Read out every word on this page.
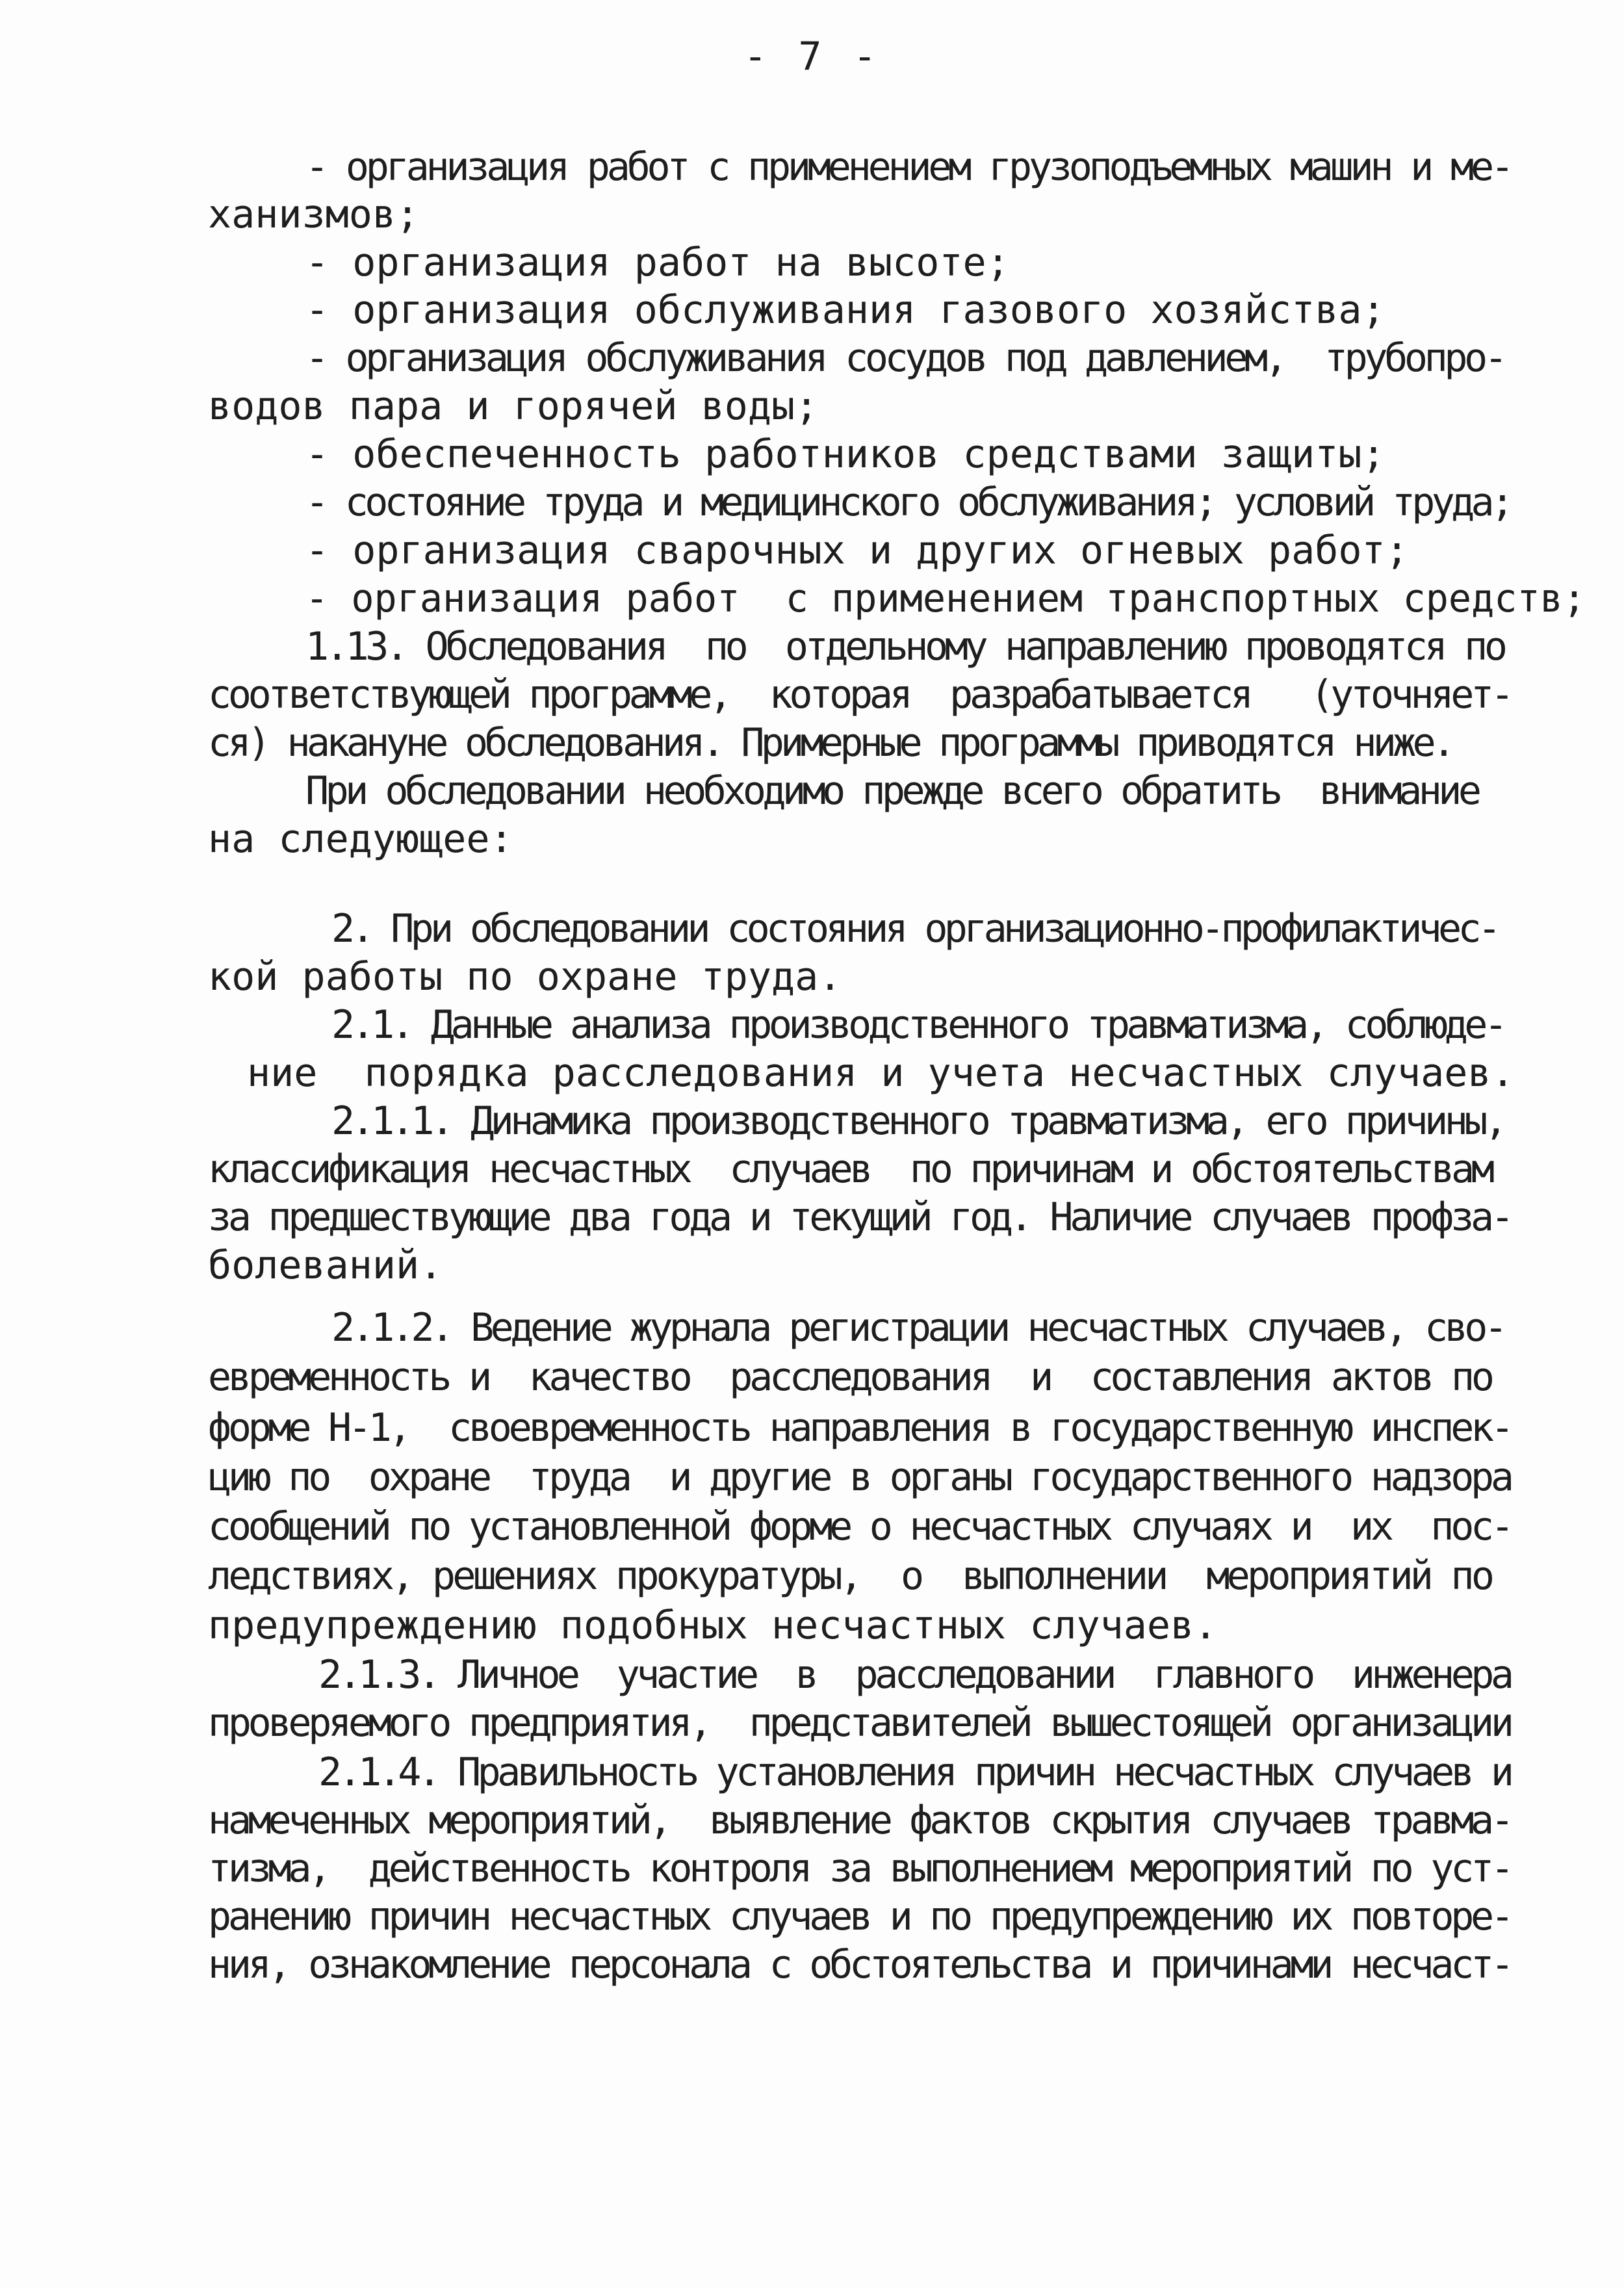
- 7 -
- организация работ с применением грузоподъемных машин и ме-
ханизмов;
- организация работ на высоте;
- организация обслуживания газового хозяйства;
- организация обслуживания сосудов под давлением,  трубопро-
водов пара и горячей воды;
- обеспеченность работников средствами защиты;
- состояние труда и медицинского обслуживания; условий труда;
- организация сварочных и других огневых работ;
- организация работ  с применением транспортных средств;
1.13. Обследования  по  отдельному направлению проводятся по
соответствующей программе,  которая  разрабатывается   (уточняет-
ся) накануне обследования. Примерные программы приводятся ниже.
При обследовании необходимо прежде всего обратить  внимание
на следующее:
2. При обследовании состояния организационно-профилактичес-
кой работы по охране труда.
2.1. Данные анализа производственного травматизма, соблюде-
ние  порядка расследования и учета несчастных случаев.
2.1.1. Динамика производственного травматизма, его причины,
классификация несчастных  случаев  по причинам и обстоятельствам
за предшествующие два года и текущий год. Наличие случаев профза-
болеваний.
2.1.2. Ведение журнала регистрации несчастных случаев, сво-
евременность и  качество  расследования  и  составления актов по
форме Н-1,  своевременность направления в государственную инспек-
цию по  охране  труда  и другие в органы государственного надзора
сообщений по установленной форме о несчастных случаях и  их  пос-
ледствиях, решениях прокуратуры,  о  выполнении  мероприятий по
предупреждению подобных несчастных случаев.
2.1.3. Личное  участие  в  расследовании  главного  инженера
проверяемого предприятия,  представителей вышестоящей организации
2.1.4. Правильность установления причин несчастных случаев и
намеченных мероприятий,  выявление фактов скрытия случаев травма-
тизма,  действенность контроля за выполнением мероприятий по уст-
ранению причин несчастных случаев и по предупреждению их повторе-
ния, ознакомление персонала с обстоятельства и причинами несчаст-
